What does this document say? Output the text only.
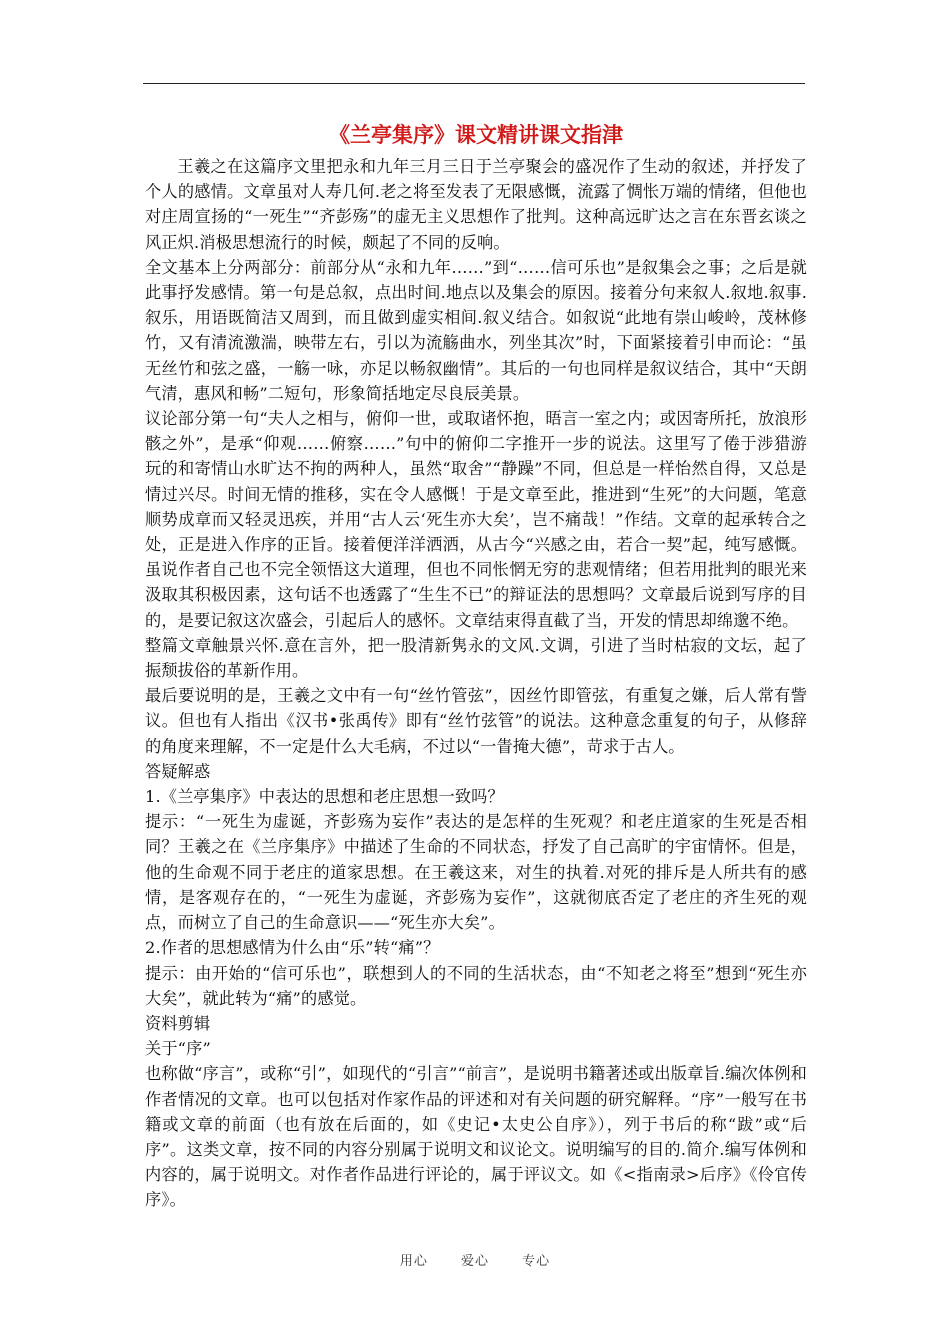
《兰亭集序》课文精讲课文指津

王羲之在这篇序文里把永和九年三月三日于兰亭聚会的盛况作了生动的叙述，并抒发了个人的感情。文章虽对人寿几何.老之将至发表了无限感慨，流露了惆怅万端的情绪，但他也对庄周宣扬的“一死生”“齐彭殇”的虚无主义思想作了批判。这种高远旷达之言在东晋玄谈之风正炽.消极思想流行的时候，颇起了不同的反响。

全文基本上分两部分：前部分从“永和九年……”到“……信可乐也”是叙集会之事；之后是就此事抒发感情。第一句是总叙，点出时间.地点以及集会的原因。接着分句来叙人.叙地.叙事.叙乐，用语既简洁又周到，而且做到虚实相间.叙义结合。如叙说“此地有崇山峻岭，茂林修竹，又有清流激湍，映带左右，引以为流觞曲水，列坐其次”时，下面紧接着引申而论：“虽无丝竹和弦之盛，一觞一咏，亦足以畅叙幽情”。其后的一句也同样是叙议结合，其中“天朗气清，惠风和畅”二短句，形象简括地定尽良辰美景。

议论部分第一句“夫人之相与，俯仰一世，或取诸怀抱，晤言一室之内；或因寄所托，放浪形骸之外”，是承“仰观……俯察……”句中的俯仰二字推开一步的说法。这里写了倦于涉猎游玩的和寄情山水旷达不拘的两种人，虽然“取舍”“静躁”不同，但总是一样怡然自得，又总是情过兴尽。时间无情的推移，实在令人感慨！于是文章至此，推进到“生死”的大问题，笔意顺势成章而又轻灵迅疾，并用“古人云‘死生亦大矣’，岂不痛哉！”作结。文章的起承转合之处，正是进入作序的正旨。接着便洋洋洒洒，从古今“兴感之由，若合一契”起，纯写感慨。虽说作者自己也不完全领悟这大道理，但也不同怅惘无穷的悲观情绪；但若用批判的眼光来汲取其积极因素，这句话不也透露了“生生不已”的辩证法的思想吗？文章最后说到写序的目的，是要记叙这次盛会，引起后人的感怀。文章结束得直截了当，开发的情思却绵邈不绝。

整篇文章触景兴怀.意在言外，把一股清新隽永的文风.文调，引进了当时枯寂的文坛，起了振颓拔俗的革新作用。

最后要说明的是，王羲之文中有一句“丝竹管弦”，因丝竹即管弦，有重复之嫌，后人常有訾议。但也有人指出《汉书•张禹传》即有“丝竹弦管”的说法。这种意念重复的句子，从修辞的角度来理解，不一定是什么大毛病，不过以“一眚掩大德”，苛求于古人。

答疑解惑

1.《兰亭集序》中表达的思想和老庄思想一致吗？

提示：“一死生为虚诞，齐彭殇为妄作”表达的是怎样的生死观？和老庄道家的生死是否相同？王羲之在《兰序集序》中描述了生命的不同状态，抒发了自己高旷的宇宙情怀。但是，他的生命观不同于老庄的道家思想。在王羲这来，对生的执着.对死的排斥是人所共有的感情，是客观存在的，“一死生为虚诞，齐彭殇为妄作”，这就彻底否定了老庄的齐生死的观点，而树立了自己的生命意识——“死生亦大矣”。

2.作者的思想感情为什么由“乐”转“痛”？

提示：由开始的“信可乐也”，联想到人的不同的生活状态，由“不知老之将至”想到“死生亦大矣”，就此转为“痛”的感觉。

资料剪辑

关于“序”

也称做“序言”，或称“引”，如现代的“引言”“前言”，是说明书籍著述或出版章旨.编次体例和作者情况的文章。也可以包括对作家作品的评述和对有关问题的研究解释。“序”一般写在书籍或文章的前面（也有放在后面的，如《史记•太史公自序》），列于书后的称“跋”或“后序”。这类文章，按不同的内容分别属于说明文和议论文。说明编写的目的.简介.编写体例和内容的，属于说明文。对作者作品进行评论的，属于评议文。如《<指南录>后序》《伶官传序》。

用心	爱心	专心
